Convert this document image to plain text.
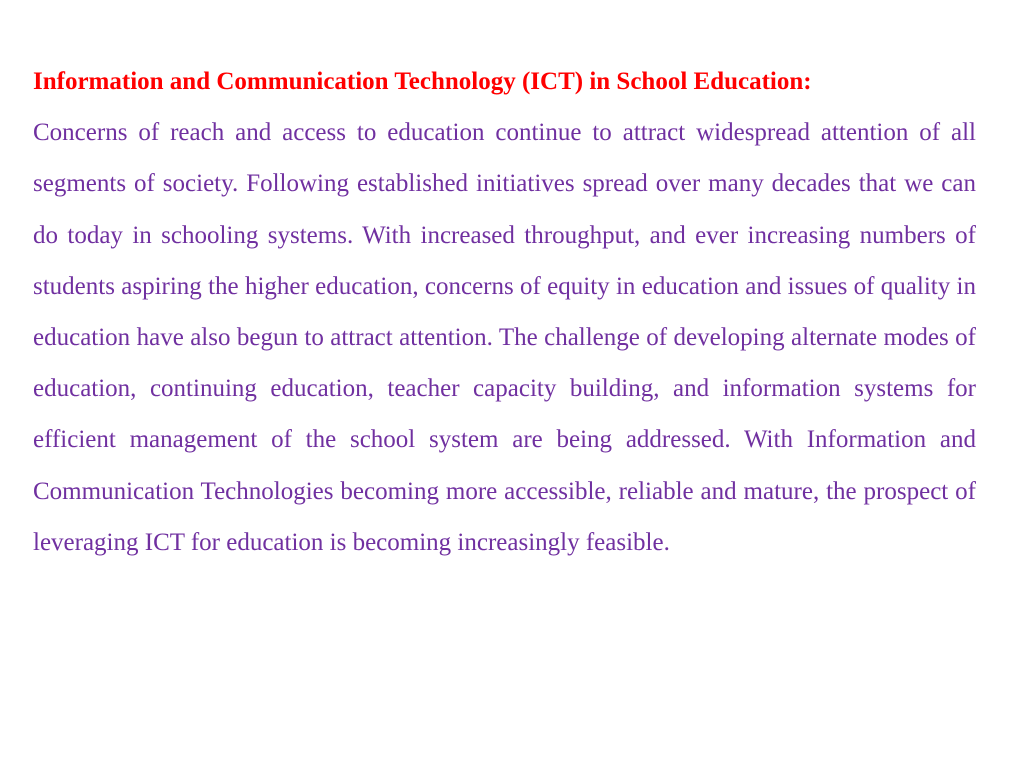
Information and Communication Technology (ICT) in School Education:
Concerns of reach and access to education continue to attract widespread attention of all segments of society. Following established initiatives spread over many decades that we can do today in schooling systems. With increased throughput, and ever increasing numbers of students aspiring the higher education, concerns of equity in education and issues of quality in education have also begun to attract attention. The challenge of developing alternate modes of education, continuing education, teacher capacity building, and information systems for efficient management of the school system are being addressed. With Information and Communication Technologies becoming more accessible, reliable and mature, the prospect of leveraging ICT for education is becoming increasingly feasible.
